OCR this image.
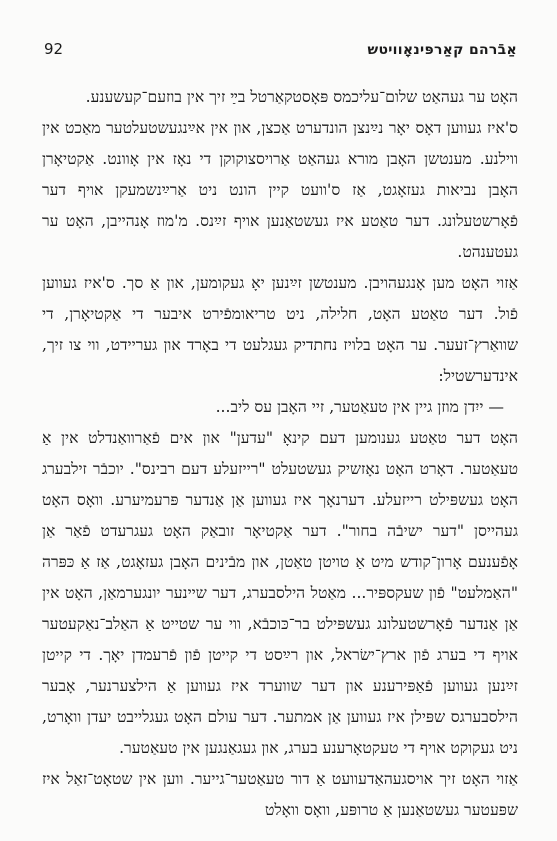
92	אַבֿרהם קאַרפּינאָוויטש

האָט ער געהאַט שלום־עליכמס פּאָסטקאַרטל בײַ זיך אין בוזעם־קעשענע.

ס'איז געווען דאָס יאָר נײַנצן הונדערט אַכצן, און אין אײַנגעשטעלטער מאַכט אין ווילנע. מענטשן האָבן מורא געהאַט אַרויסצוקוקן די נאָז אין אָוונט. אַקטיאָרן האָבן נביאות געזאָגט, אַז ס'וועט קיין הונט ניט אַרײַנשמעקן אויף דער פֿאָרשטעלונג. דער טאַטע איז געשטאַנען אויף זײַנס. מ'מוז אָנהייבן, האָט ער געטענהט.

אַזוי האָט מען אָנגעהויבן. מענטשן זײַנען יאָ געקומען, און אַ סך. ס'איז געווען פֿול. דער טאַטע האָט, חלילה, ניט טריאומפֿירט איבער די אַקטיאָרן, די שוואַרץ־זעער. ער האָט בלויז נחתדיק געגלעט די באָרד און געריידט, ווי צו זיך, אינדערשטיל:

— ייִדן מוזן גיין אין טעאַטער, זיי האָבן עס ליב...

האָט דער טאַטע גענומען דעם קינאָ "עדען" און אים פֿאַרוואַנדלט אין אַ טעאַטער. דאָרט האָט נאָזשיק געשטעלט "רייזעלע דעם רבינס". יוכבֿר זילבערג האָט געשפּילט רייזעלע. דערנאָך איז געווען אַן אַנדער פּרעמיערע. וואָס האָט געהייסן "דער ישיבֿה בחור". דער אַקטיאָר זובאַק האָט געגרעדט פֿאַר אַן אָפֿענעם אָרון־קודש מיט אַ טויטן טאַטן, און מבֿינים האָבן געזאָגט, אַז אַ כּפּרה "האַמלעט" פֿון שעקספּיר... מאַטל הילסבערג, דער שיינער יונגערמאַן, האָט אין אַן אַנדער פֿאָרשטעלונג געשפּילט בר־כּוכבֿא, ווי ער שטייט אַ האַלב־נאַקעטער אויף די בערג פֿון ארץ־ישׂראל, און רײַסט די קייטן פֿון פֿרעמדן יאָך. די קייטן זײַנען געווען פֿאַפּירענע און דער שווערד איז געווען אַ הילצערנער, אָבער הילסבערגס שפּילן איז געווען אַן אמתער. דער עולם האָט געגלייבט יעדן וואָרט, ניט געקוקט אויף די טעקטאָרענע בערג, און געגאַנגען אין טעאַטער.

אַזוי האָט זיך אויסגעהאַדעוועט אַ דור טעאַטער־גייער. ווען אין שטאָט־זאַל איז שפּעטער געשטאַנען אַ טרופּע, וואָס וואָלט
